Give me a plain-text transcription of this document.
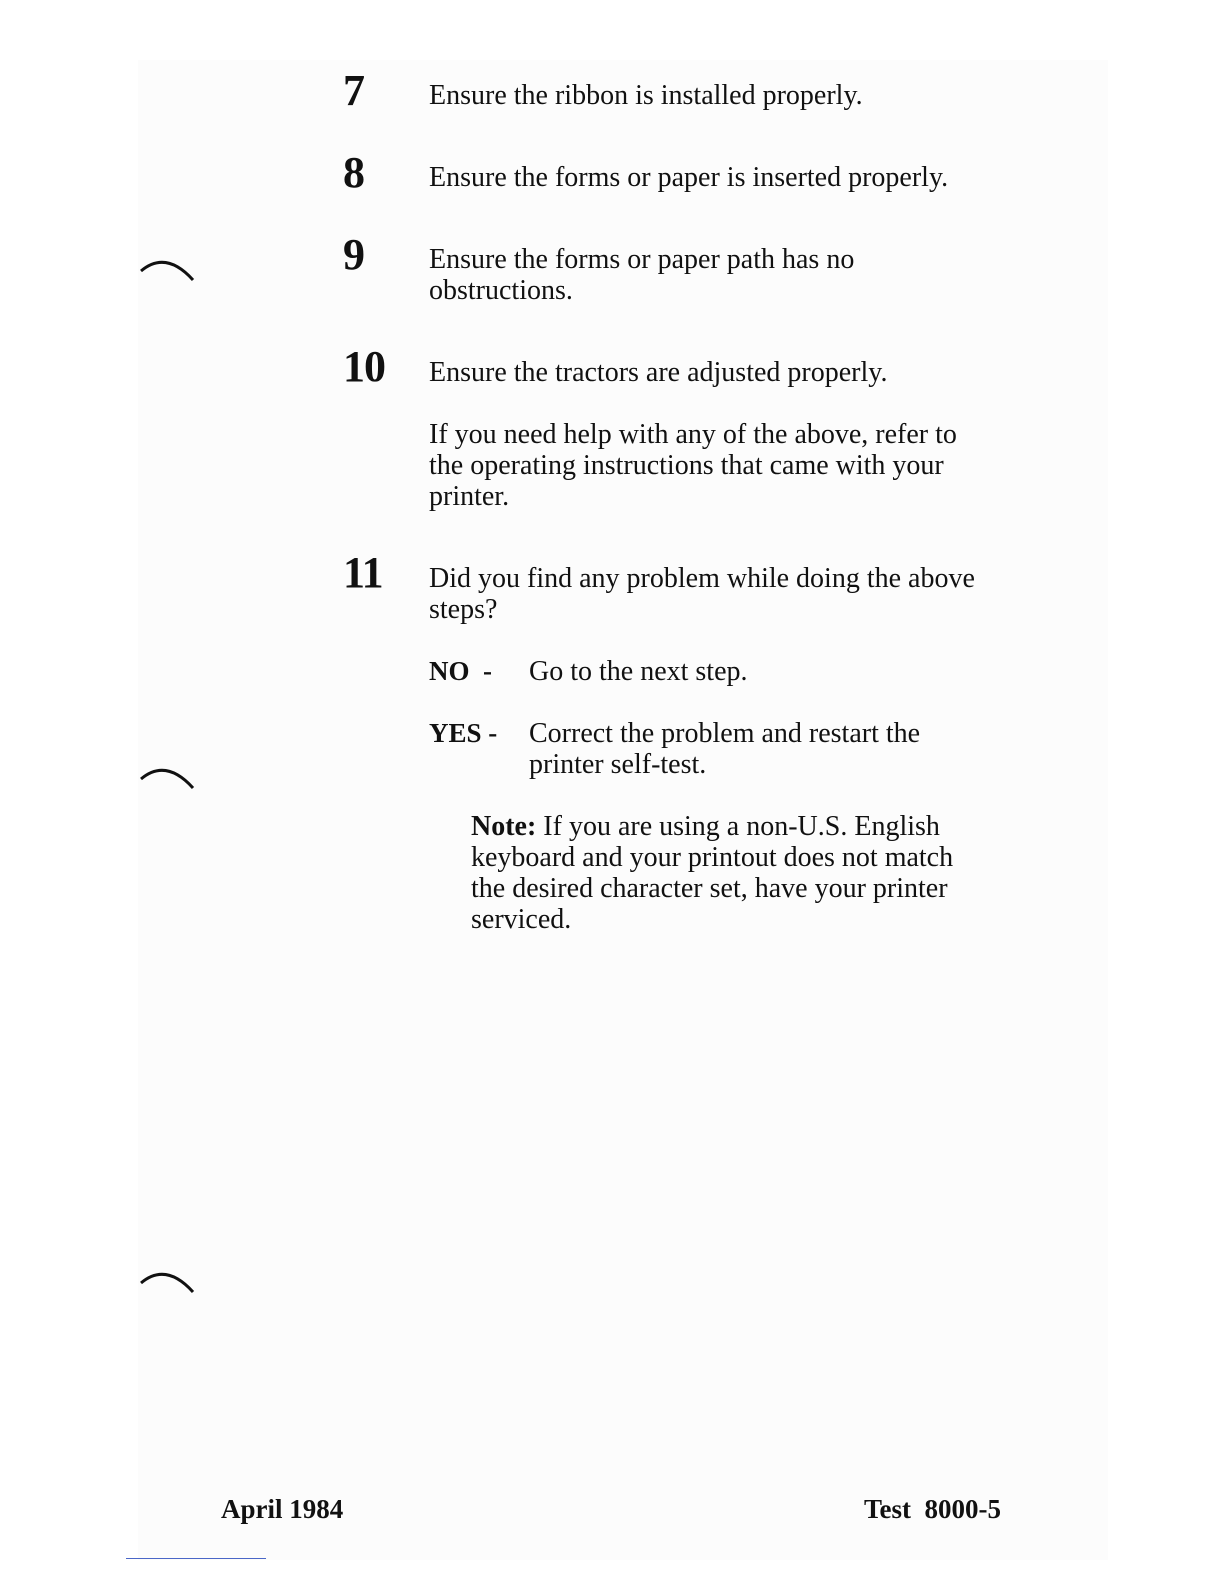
7 Ensure the ribbon is installed properly.
8 Ensure the forms or paper is inserted properly.
9 Ensure the forms or paper path has no
obstructions.
10 Ensure the tractors are adjusted properly.
If you need help with any of the above, refer to
the operating instructions that came with your
printer.
11 Did you find any problem while doing the above
steps?
NO  - Go to the next step.
YES - Correct the problem and restart the
printer self-test.
Note: If you are using a non-U.S. English
keyboard and your printout does not match
the desired character set, have your printer
serviced.
April 1984	Test  8000-5
